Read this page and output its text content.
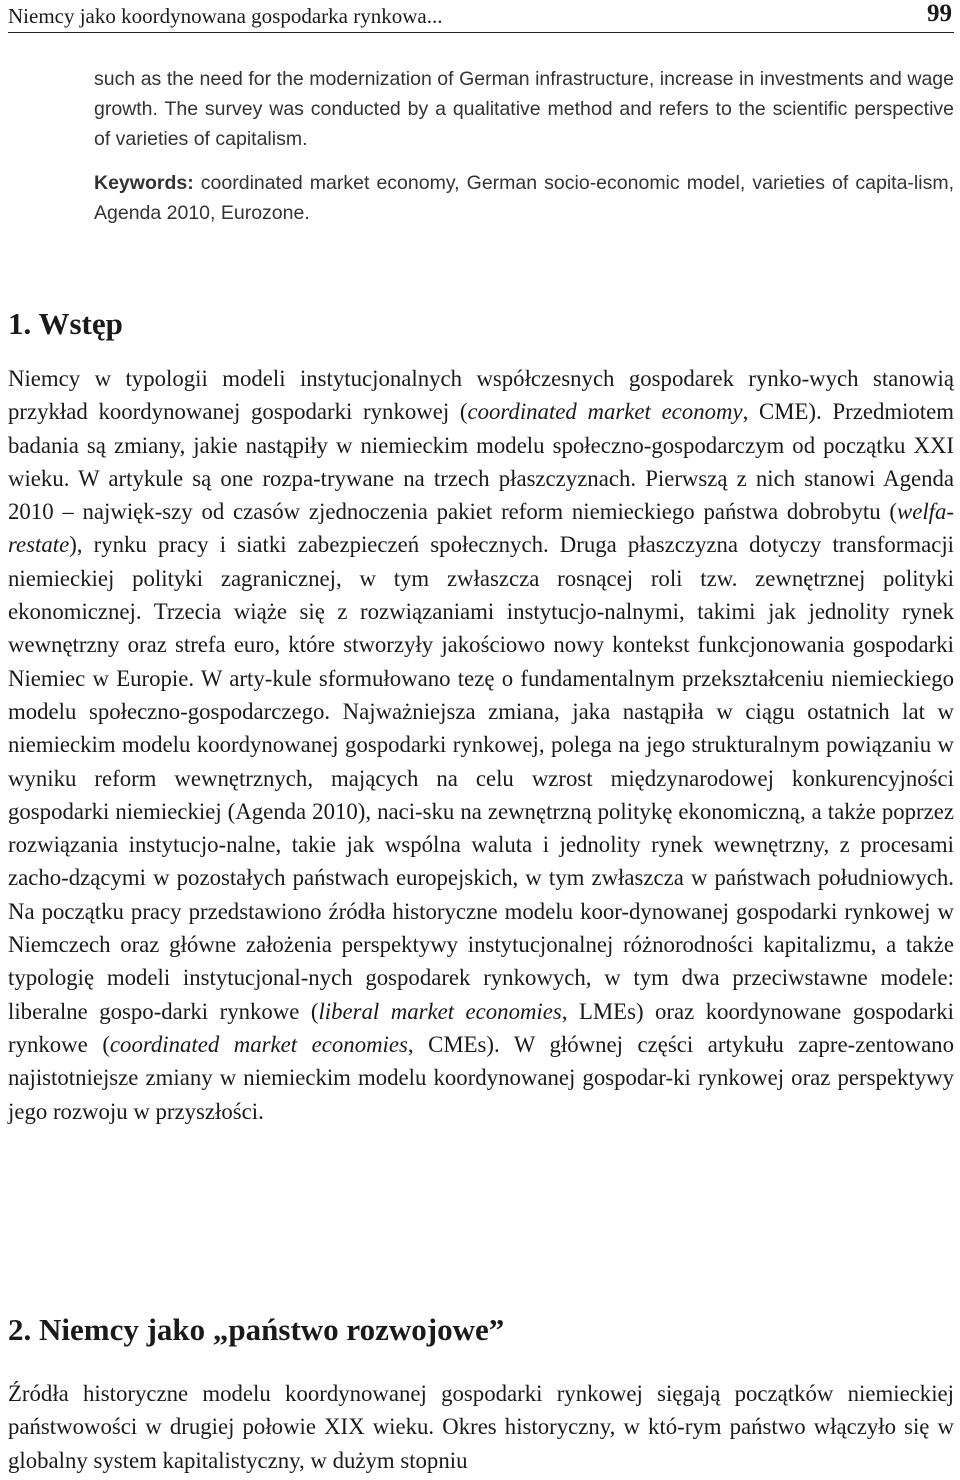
Niemcy jako koordynowana gospodarka rynkowa...	99

such as the need for the modernization of German infrastructure, increase in investments and wage growth. The survey was conducted by a qualitative method and refers to the scientific perspective of varieties of capitalism.

Keywords: coordinated market economy, German socio-economic model, varieties of capita-lism, Agenda 2010, Eurozone.

1. Wstęp

Niemcy w typologii modeli instytucjonalnych współczesnych gospodarek rynko-wych stanowią przykład koordynowanej gospodarki rynkowej (coordinated market economy, CME). Przedmiotem badania są zmiany, jakie nastąpiły w niemieckim modelu społeczno-gospodarczym od początku XXI wieku. W artykule są one rozpa-trywane na trzech płaszczyznach. Pierwszą z nich stanowi Agenda 2010 – najwięk-szy od czasów zjednoczenia pakiet reform niemieckiego państwa dobrobytu (welfa-restate), rynku pracy i siatki zabezpieczeń społecznych. Druga płaszczyzna dotyczy transformacji niemieckiej polityki zagranicznej, w tym zwłaszcza rosnącej roli tzw. zewnętrznej polityki ekonomicznej. Trzecia wiąże się z rozwiązaniami instytucjo-nalnymi, takimi jak jednolity rynek wewnętrzny oraz strefa euro, które stworzyły jakościowo nowy kontekst funkcjonowania gospodarki Niemiec w Europie. W arty-kule sformułowano tezę o fundamentalnym przekształceniu niemieckiego modelu społeczno-gospodarczego. Najważniejsza zmiana, jaka nastąpiła w ciągu ostatnich lat w niemieckim modelu koordynowanej gospodarki rynkowej, polega na jego strukturalnym powiązaniu w wyniku reform wewnętrznych, mających na celu wzrost międzynarodowej konkurencyjności gospodarki niemieckiej (Agenda 2010), naci-sku na zewnętrzną politykę ekonomiczną, a także poprzez rozwiązania instytucjo-nalne, takie jak wspólna waluta i jednolity rynek wewnętrzny, z procesami zacho-dzącymi w pozostałych państwach europejskich, w tym zwłaszcza w państwach południowych. Na początku pracy przedstawiono źródła historyczne modelu koor-dynowanej gospodarki rynkowej w Niemczech oraz główne założenia perspektywy instytucjonalnej różnorodności kapitalizmu, a także typologię modeli instytucjonal-nych gospodarek rynkowych, w tym dwa przeciwstawne modele: liberalne gospo-darki rynkowe (liberal market economies, LMEs) oraz koordynowane gospodarki rynkowe (coordinated market economies, CMEs). W głównej części artykułu zapre-zentowano najistotniejsze zmiany w niemieckim modelu koordynowanej gospodar-ki rynkowej oraz perspektywy jego rozwoju w przyszłości.

2. Niemcy jako „państwo rozwojowe”

Źródła historyczne modelu koordynowanej gospodarki rynkowej sięgają początków niemieckiej państwowości w drugiej połowie XIX wieku. Okres historyczny, w któ-rym państwo włączyło się w globalny system kapitalistyczny, w dużym stopniu
